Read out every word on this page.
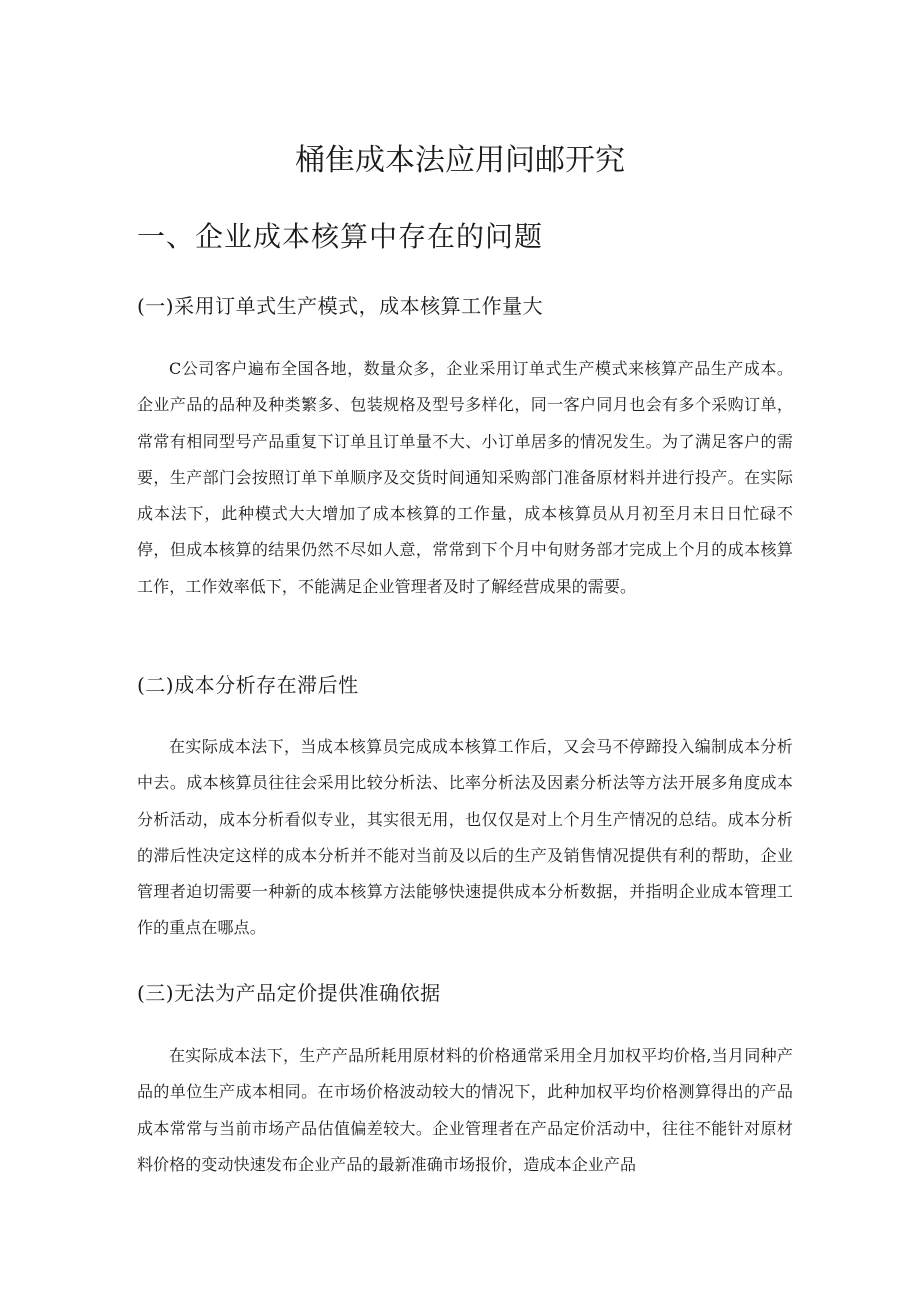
桶隹成本法应用问邮开究
一、企业成本核算中存在的问题
(一)采用订单式生产模式，成本核算工作量大

C公司客户遍布全国各地，数量众多，企业采用订单式生产模式来核算产品生产成本。企业产品的品种及种类繁多、包装规格及型号多样化，同一客户同月也会有多个采购订单，常常有相同型号产品重复下订单且订单量不大、小订单居多的情况发生。为了满足客户的需要，生产部门会按照订单下单顺序及交货时间通知采购部门准备原材料并进行投产。在实际成本法下，此种模式大大增加了成本核算的工作量，成本核算员从月初至月末日日忙碌不停，但成本核算的结果仍然不尽如人意，常常到下个月中旬财务部才完成上个月的成本核算工作，工作效率低下，不能满足企业管理者及时了解经营成果的需要。

(二)成本分析存在滞后性

在实际成本法下，当成本核算员完成成本核算工作后，又会马不停蹄投入编制成本分析中去。成本核算员往往会采用比较分析法、比率分析法及因素分析法等方法开展多角度成本分析活动，成本分析看似专业，其实很无用，也仅仅是对上个月生产情况的总结。成本分析的滞后性决定这样的成本分析并不能对当前及以后的生产及销售情况提供有利的帮助，企业管理者迫切需要一种新的成本核算方法能够快速提供成本分析数据，并指明企业成本管理工作的重点在哪点。

(三)无法为产品定价提供准确依据

在实际成本法下，生产产品所耗用原材料的价格通常采用全月加权平均价格,当月同种产品的单位生产成本相同。在市场价格波动较大的情况下，此种加权平均价格测算得出的产品成本常常与当前市场产品估值偏差较大。企业管理者在产品定价活动中，往往不能针对原材料价格的变动快速发布企业产品的最新准确市场报价，造成本企业产品
